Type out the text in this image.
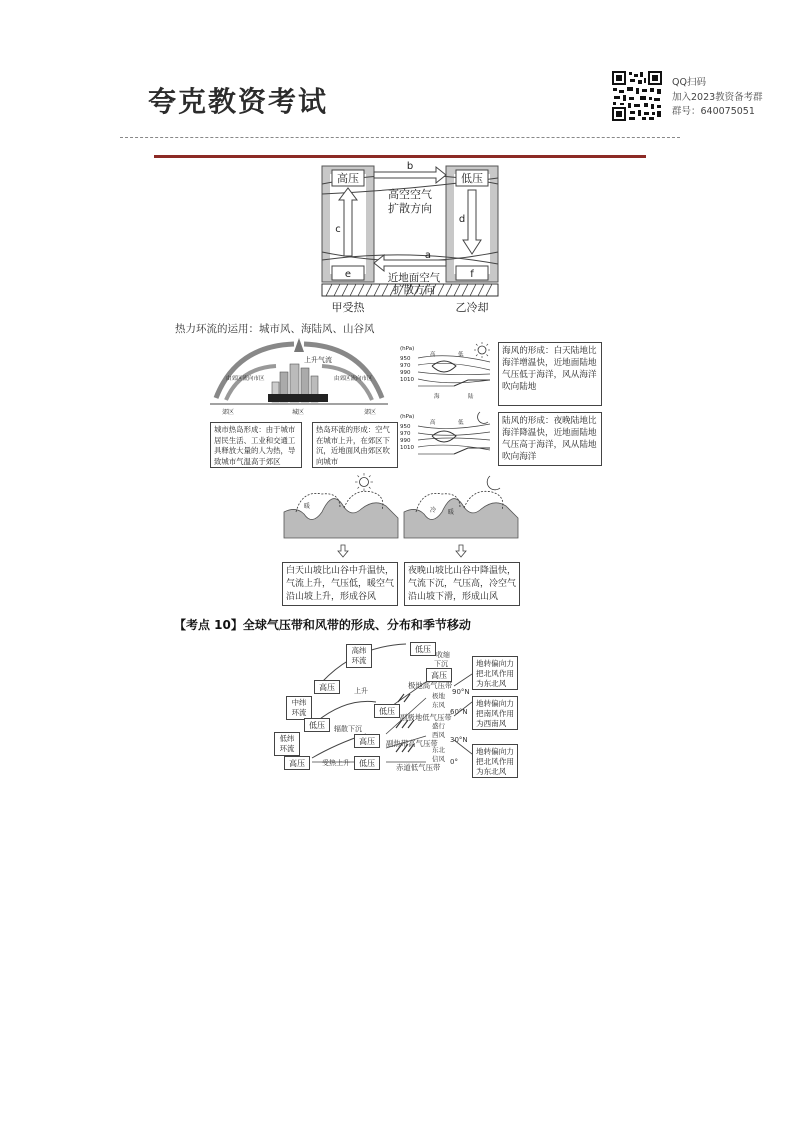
夸克教资考试
QQ扫码
加入2023教资备考群
群号：640075051
高压	低压
b
高空空气
扩散方向
c
d
a
e	f
近地面空气
扩散方向
甲受热	乙冷却
热力环流的运用：城市风、海陆风、山谷风
上升气流
由郊区流向市区	由郊区流向市区
郊区	城区	郊区
城市热岛形成：由于城市居民生活、工业和交通工具释放大量的人为热，导致城市气温高于郊区
热岛环流的形成：空气在城市上升，在郊区下沉，近地面风由郊区吹向城市
(hPa)
950
970
990
1010
高	低
海	陆
海风的形成：白天陆地比海洋增温快，近地面陆地气压低于海洋，风从海洋吹向陆地
(hPa)
950
970
990
1010
高	低	陆风的形成：夜晚陆地比海洋降温快，近地面陆地气压高于海洋，风从陆地吹向海洋
暖
冷 暖
白天山坡比山谷中升温快，气流上升，气压低，暖空气沿山坡上升，形成谷风
夜晚山坡比山谷中降温快，气流下沉，气压高，冷空气沿山坡下滑，形成山风
【考点 10】全球气压带和风带的形成、分布和季节移动
高纬环流
中纬环流
低纬环流
低压
高压
高压
低压
低压
高压
高压	低压
收缩
下沉
上升
辐散下沉
受热上升
极地高气压带
极地东风
副极地低气压带
盛行西风
副热带高气压带
东北信风
赤道低气压带
90°N
60°N
30°N
0°
地转偏向力把北风作用为东北风
地转偏向力把南风作用为西南风
地转偏向力把北风作用为东北风
